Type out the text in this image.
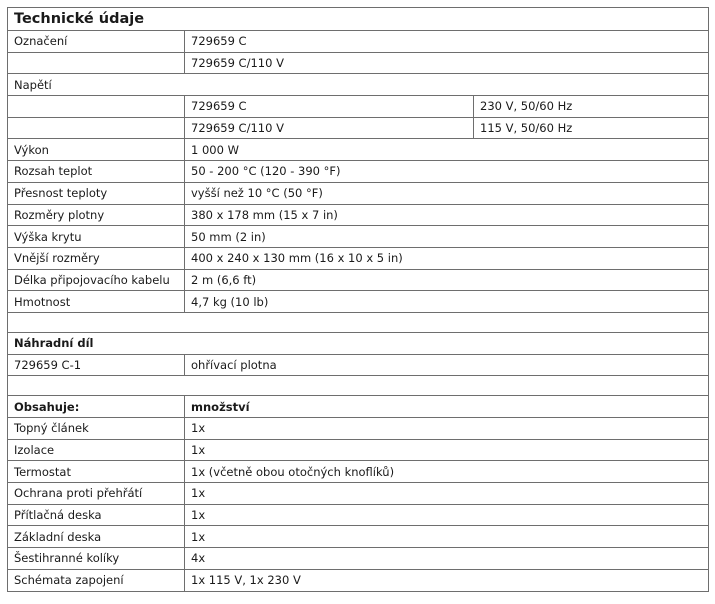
Technické údaje		
Označení	729659 C	
	729659 C/110 V	
Napětí		
	729659 C	230 V, 50/60 Hz
	729659 C/110 V	115 V, 50/60 Hz
Výkon	1 000 W	
Rozsah teplot	50 - 200 °C (120 - 390 °F)	
Přesnost teploty	vyšší než 10 °C (50 °F)	
Rozměry plotny	380 x 178 mm (15 x 7 in)	
Výška krytu	50 mm (2 in)	
Vnější rozměry	400 x 240 x 130 mm (16 x 10 x 5 in)	
Délka připojovacího kabelu	2 m (6,6 ft)	
Hmotnost	4,7 kg (10 lb)	

Náhradní díl		
729659 C-1	ohřívací plotna	

Obsahuje:	množství	
Topný článek	1x	
Izolace	1x	
Termostat	1x (včetně obou otočných knoflíků)	
Ochrana proti přehřátí	1x	
Přítlačná deska	1x	
Základní deska	1x	
Šestihranné kolíky	4x	
Schémata zapojení	1x 115 V, 1x 230 V	
